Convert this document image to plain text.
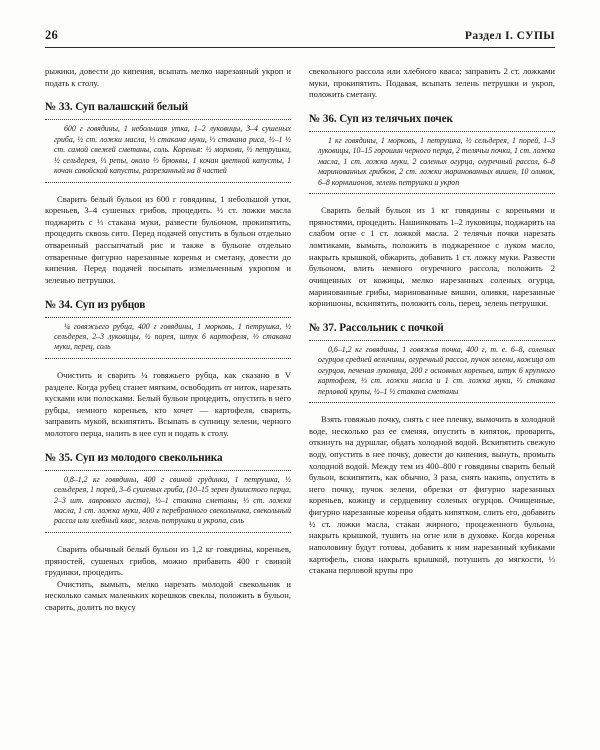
26	Раздел I. СУПЫ

рыжики, довести до кипения, всыпать мелко нарезанный укроп и подать к столу.

№ 33. Суп валашский белый

600 г говядины, 1 небольшая утка, 1–2 луковицы, 3–4 сушеных гриба, ½ ст. ложки масла, ⅓ стакана муки, ⅓ стакана риса, ½–1 ½ ст. самой свежей сметаны, соль. Коренья: ½ моркови, ½ петрушки, ½ сельдерея, ⅓ репы, около ⅓ брюквы, 1 кочан цветной капусты, 1 кочан савойской капусты, разрезанный на 8 частей

Сварить белый бульон из 600 г говядины, 1 небольшой утки, кореньев, 3–4 сушеных грибов, процедить. ½ ст. ложки масла поджарить с ⅓ стакана муки, развести бульоном, прокипятить, процедить сквозь сито. Перед подачей опустить в бульон отдельно отваренный рассыпчатый рис и также в бульоне отдельно отваренные фигурно нарезанные коренья и сметану, довести до кипения. Перед подачей посыпать измельченным укропом и зеленью петрушки.

№ 34. Суп из рубцов

¼ говяжьего рубца, 400 г говядины, 1 морковь, 1 петрушка, ½ сельдерея, 2–3 луковицы, ½ порея, штук 6 картофеля, ⅓ стакана муки, перец, соль

Очистить и сварить ¼ говяжьего рубца, как сказано в V разделе. Когда рубец станет мягким, освободить от ниток, нарезать кусками или полосками. Белый бульон процедить, опустить в него рубцы, немного кореньев, кто хочет — картофеля, сварить, заправить мукой, вскипятить. Всыпать в супницу зелени, черного молотого перца, налить в нее суп и подать к столу.

№ 35. Суп из молодого свекольника

0,8–1,2 кг говядины, 400 г свиной грудинки, 1 петрушка, ½ сельдерея, 1 порей, 3–6 сушеных гриба, (10–15 зерен душистого перца, 2–3 шт. лаврового листа), ½–1 стакана сметаны, ⅓ ст. ложки масла, 1 ст. ложка муки, 400 г перебранного свекольника, свекольный рассол или хлебный квас, зелень петрушки и укропа, соль

Сварить обычный белый бульон из 1,2 кг говядины, кореньев, пряностей, сушеных грибов, можно прибавить 400 г свиной грудинки, процедить.

Очистить, вымыть, мелко нарезать молодой свекольник и несколько самых маленьких корешков свеклы, положить в бульон, сварить, долить по вкусу

свекольного рассола или хлебного кваса; заправить 2 ст. ложками муки, прокипятить. Подавая, всыпать зелень петрушки и укроп, положить сметану.

№ 36. Суп из телячьих почек

1 кг говядины, 1 морковь, 1 петрушка, ½ сельдерея, 1 порей, 1–3 луковицы, 10–15 горошин черного перца, 2 телячьи почки, 1 ст. ложка масла, 1 ст. ложка муки, 2 соленых огурца, огуречный рассол, 6–8 маринованных грибков, 2 ст. ложки маринованных вишен, 10 оливок, 6–8 корнишонов, зелень петрушки и укроп

Сварить белый бульон из 1 кг говядины с кореньями и пряностями, процедить. Нашинковать 1–2 луковицы, поджарить на слабом огне с 1 ст. ложкой масла. 2 телячьи почки нарезать ломтиками, вымыть, положить в поджаренное с луком масло, накрыть крышкой, обжарить, добавить 1 ст. ложку муки. Развести бульоном, влить немного огуречного рассола, положить 2 очищенных от кожицы, мелко нарезанных соленых огурца, маринованные грибы, маринованные вишни, оливки, нарезанные корнишоны, вскипятить, положить соль, перец, зелень петрушки.

№ 37. Рассольник с почкой

0,6–1,2 кг говядины, 1 говяжья почка, 400 г, т. е. 6–8, соленых огурцов средней величины, огуречный рассол, пучок зелени, кожица от огурцов, печеная луковица, 200 г основных кореньев, штук 6 крупного картофеля, ⅓ ст. ложки масла и 1 ст. ложка муки, ⅓ стакана перловой крупы, ½–1 ½ стакана сметаны

Взять говяжью почку, снять с нее пленку, вымочить в холодной воде, несколько раз ее сменяя, опустить в кипяток, проварить, откинуть на дуршлаг, обдать холодной водой. Вскипятить свежую воду, опустить в нее почку, довести до кипения, вынуть, промыть холодной водой. Между тем из 400–800 г говядины сварить белый бульон, вскипятить, как обычно, 3 раза, снять накипь, опустить в него почку, пучок зелени, обрезки от фигурно нарезанных кореньев, кожицу и сердцевину соленых огурцов. Очищенные, фигурно нарезанные коренья обдать кипятком, слить его, добавить ½ ст. ложки масла, стакан жирного, процеженного бульона, накрыть крышкой, тушить на огне или в духовке. Когда коренья наполовину будут готовы, добавить к ним нарезанный кубиками картофель, снова накрыть крышкой, потушить до мягкости, ⅓ стакана перловой крупы про
